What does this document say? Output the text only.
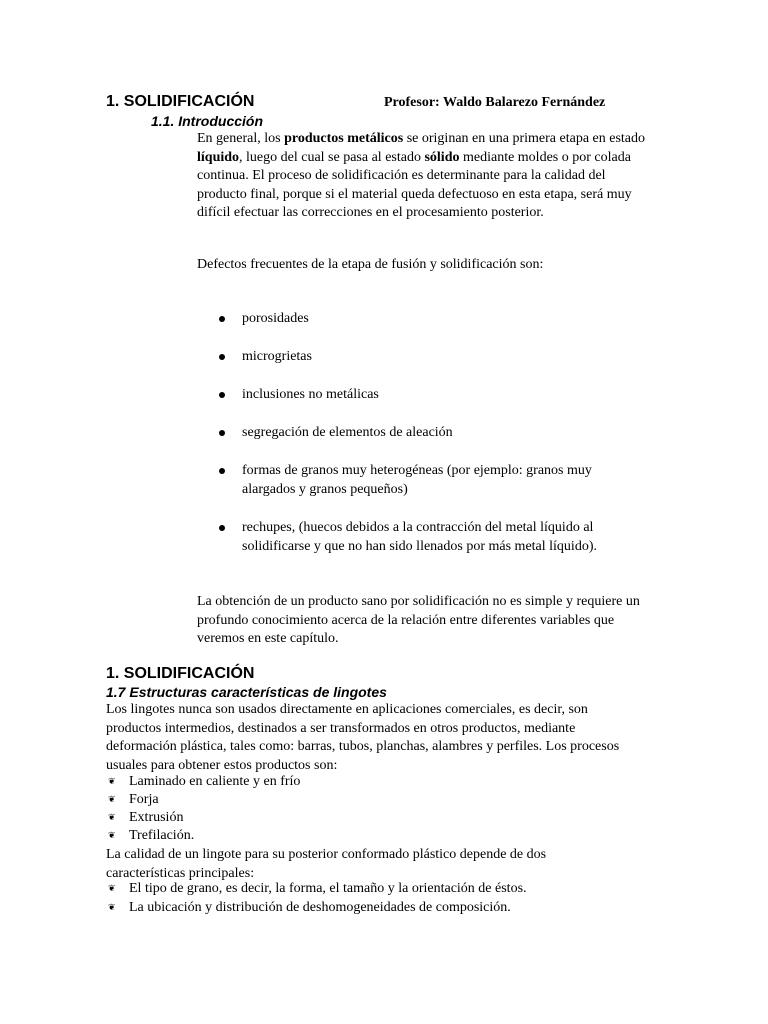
1. SOLIDIFICACIÓN	Profesor: Waldo Balarezo Fernández
1.1. Introducción
En general, los productos metálicos se originan en una primera etapa en estado líquido, luego del cual se pasa al estado sólido mediante moldes o por colada continua. El proceso de solidificación es determinante para la calidad del producto final, porque si el material queda defectuoso en esta etapa, será muy difícil efectuar las correcciones en el procesamiento posterior.
Defectos frecuentes de la etapa de fusión y solidificación son:
porosidades
microgrietas
inclusiones no metálicas
segregación de elementos de aleación
formas de granos muy heterogéneas (por ejemplo: granos muy alargados y granos pequeños)
rechupes, (huecos debidos a la contracción del metal líquido al solidificarse y que no han sido llenados por más metal líquido).
La obtención de un producto sano por solidificación no es simple y requiere un profundo conocimiento acerca de la relación entre diferentes variables que veremos en este capítulo.
1. SOLIDIFICACIÓN
1.7 Estructuras características de lingotes
Los lingotes nunca son usados directamente en aplicaciones comerciales, es decir, son productos intermedios, destinados a ser transformados en otros productos, mediante deformación plástica, tales como: barras, tubos, planchas, alambres y perfiles. Los procesos usuales para obtener estos productos son:
❦ Laminado en caliente y en frío
❦ Forja
❦ Extrusión
❦ Trefilación.
La calidad de un lingote para su posterior conformado plástico depende de dos características principales:
❦ El tipo de grano, es decir, la forma, el tamaño y la orientación de éstos.
❦ La ubicación y distribución de deshomogeneidades de composición.
